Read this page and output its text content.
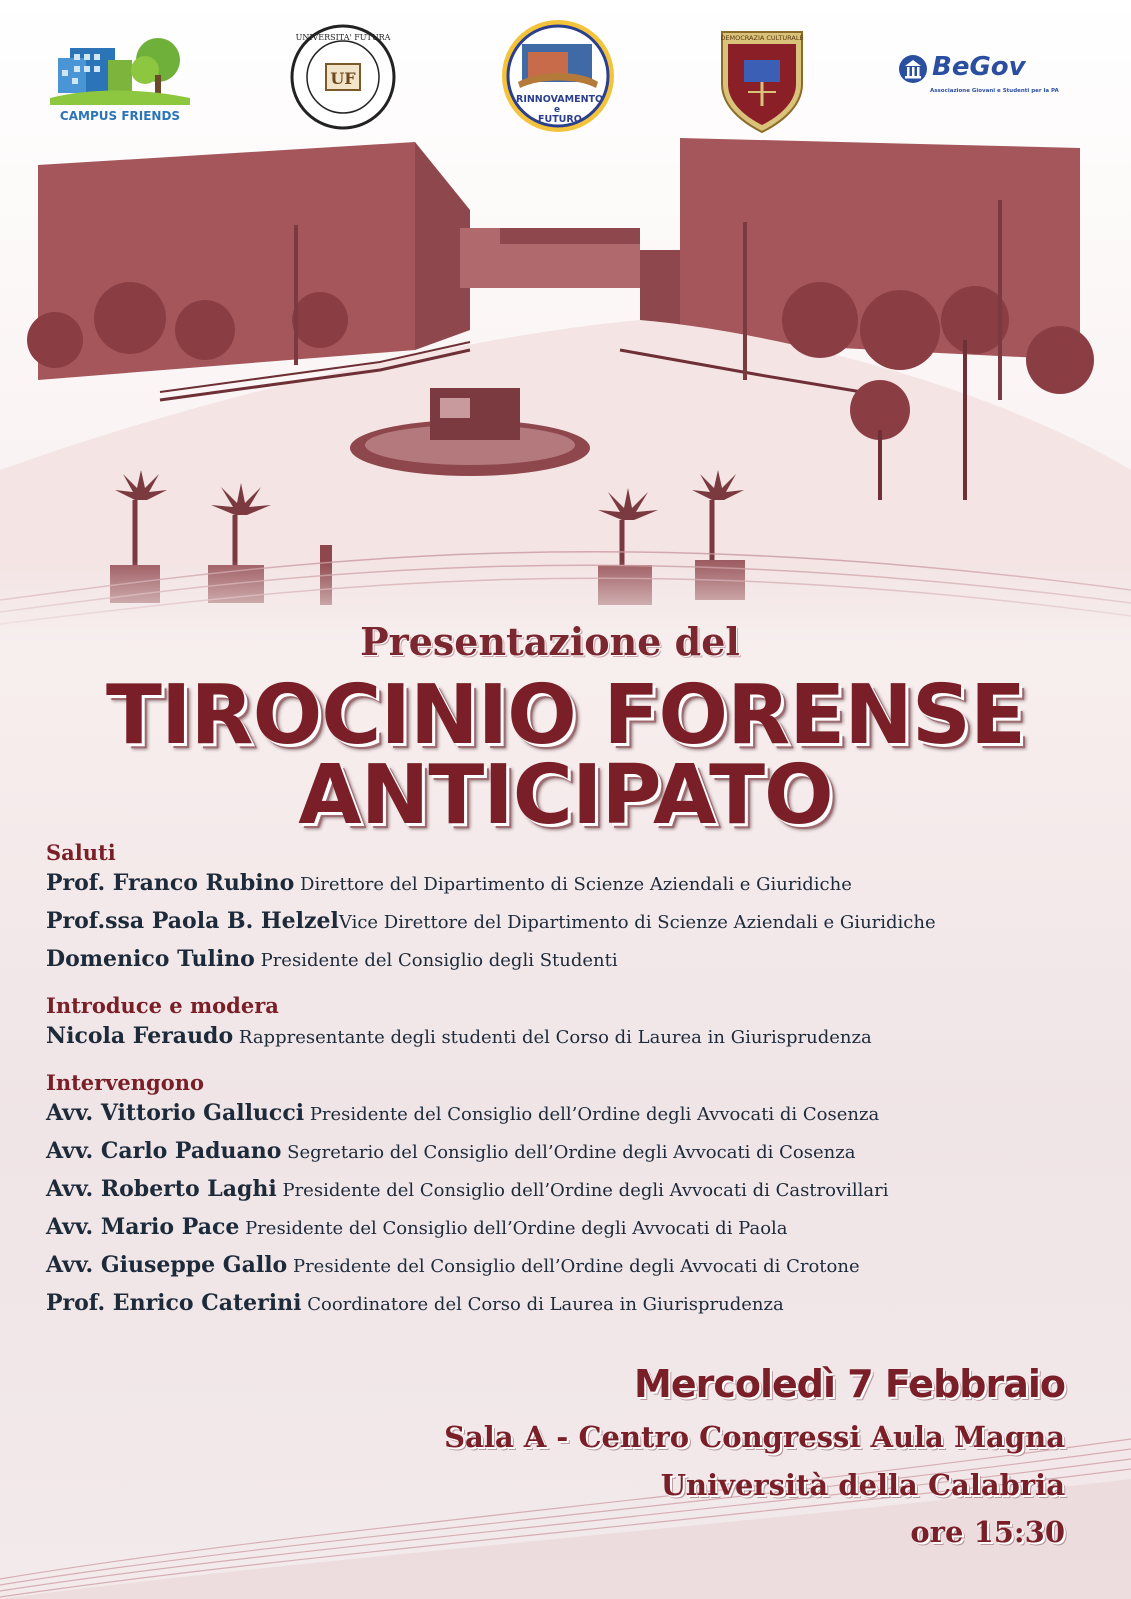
CAMPUS FRIENDS
UF
UNIVERSITA' FUTURA
RINNOVAMENTO
e
FUTURO
DEMOCRAZIA CULTURALE
BeGov
Associazione Giovani e Studenti per la PA
Presentazione del
TIROCINIO FORENSE
ANTICIPATO

Saluti

Prof. Franco Rubino Direttore del Dipartimento di Scienze Aziendali e Giuridiche

Prof.ssa Paola B. HelzelVice Direttore del Dipartimento di Scienze Aziendali e Giuridiche

Domenico Tulino Presidente del Consiglio degli Studenti

Introduce e modera

Nicola Feraudo Rappresentante degli studenti del Corso di Laurea in Giurisprudenza

Intervengono

Avv. Vittorio Gallucci Presidente del Consiglio dell’Ordine degli Avvocati di Cosenza

Avv. Carlo Paduano Segretario del Consiglio dell’Ordine degli Avvocati di Cosenza

Avv. Roberto Laghi Presidente del Consiglio dell’Ordine degli Avvocati di Castrovillari

Avv. Mario Pace Presidente del Consiglio dell’Ordine degli Avvocati di Paola

Avv. Giuseppe Gallo Presidente del Consiglio dell’Ordine degli Avvocati di Crotone

Prof. Enrico Caterini Coordinatore del Corso di Laurea in Giurisprudenza

Mercoledì 7 Febbraio
Sala A - Centro Congressi Aula Magna
Università della Calabria
ore 15:30
